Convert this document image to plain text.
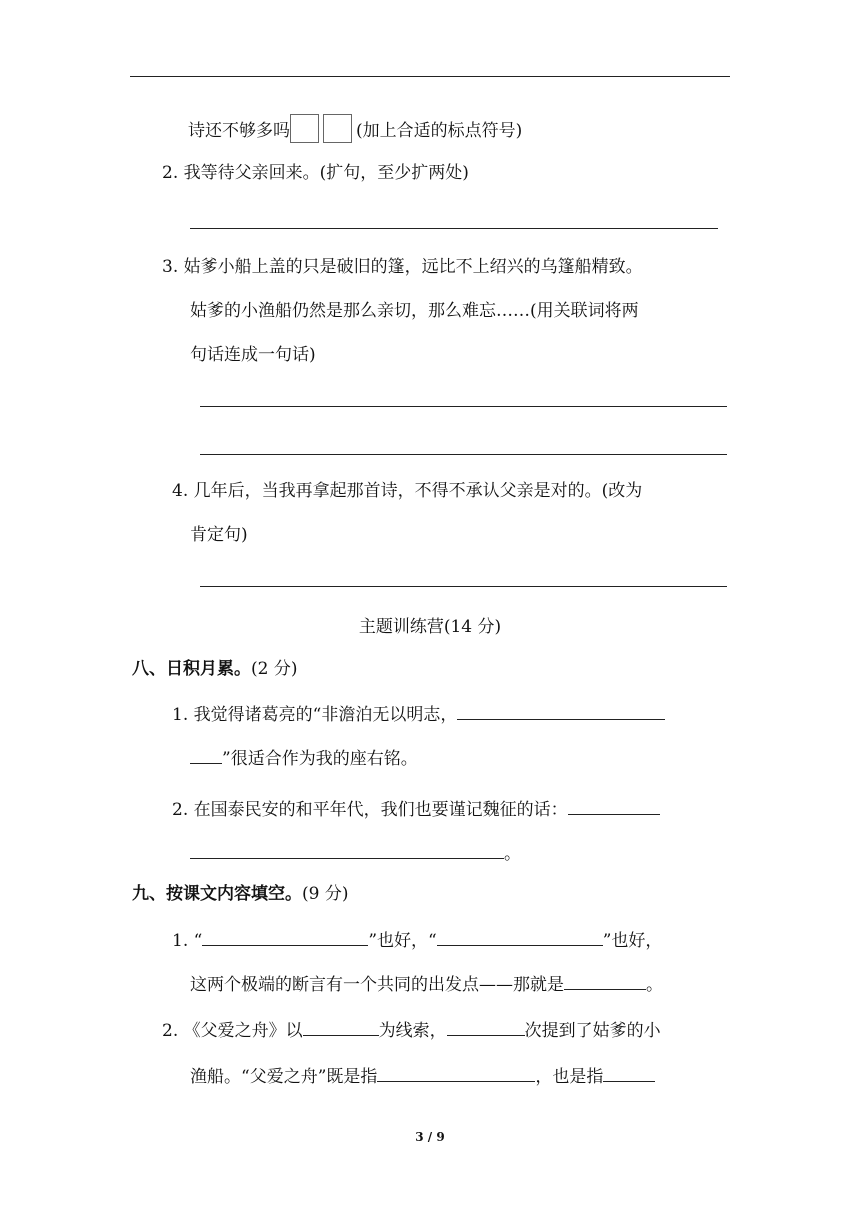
诗还不够多吗	(加上合适的标点符号)
2. 我等待父亲回来。(扩句，至少扩两处)
3. 姑爹小船上盖的只是破旧的篷，远比不上绍兴的乌篷船精致。
姑爹的小渔船仍然是那么亲切，那么难忘……(用关联词将两
句话连成一句话)
4. 几年后，当我再拿起那首诗，不得不承认父亲是对的。(改为
肯定句)
主题训练营(14 分)
八、日积月累。(2 分)
1. 我觉得诸葛亮的“非澹泊无以明志，
”很适合作为我的座右铭。
2. 在国泰民安的和平年代，我们也要谨记魏征的话：
。
九、按课文内容填空。(9 分)
1. “	”也好，“	”也好，
这两个极端的断言有一个共同的出发点——那就是	。
2. 《父爱之舟》以	为线索，	次提到了姑爹的小
渔船。“父爱之舟”既是指	，也是指
3 / 9
